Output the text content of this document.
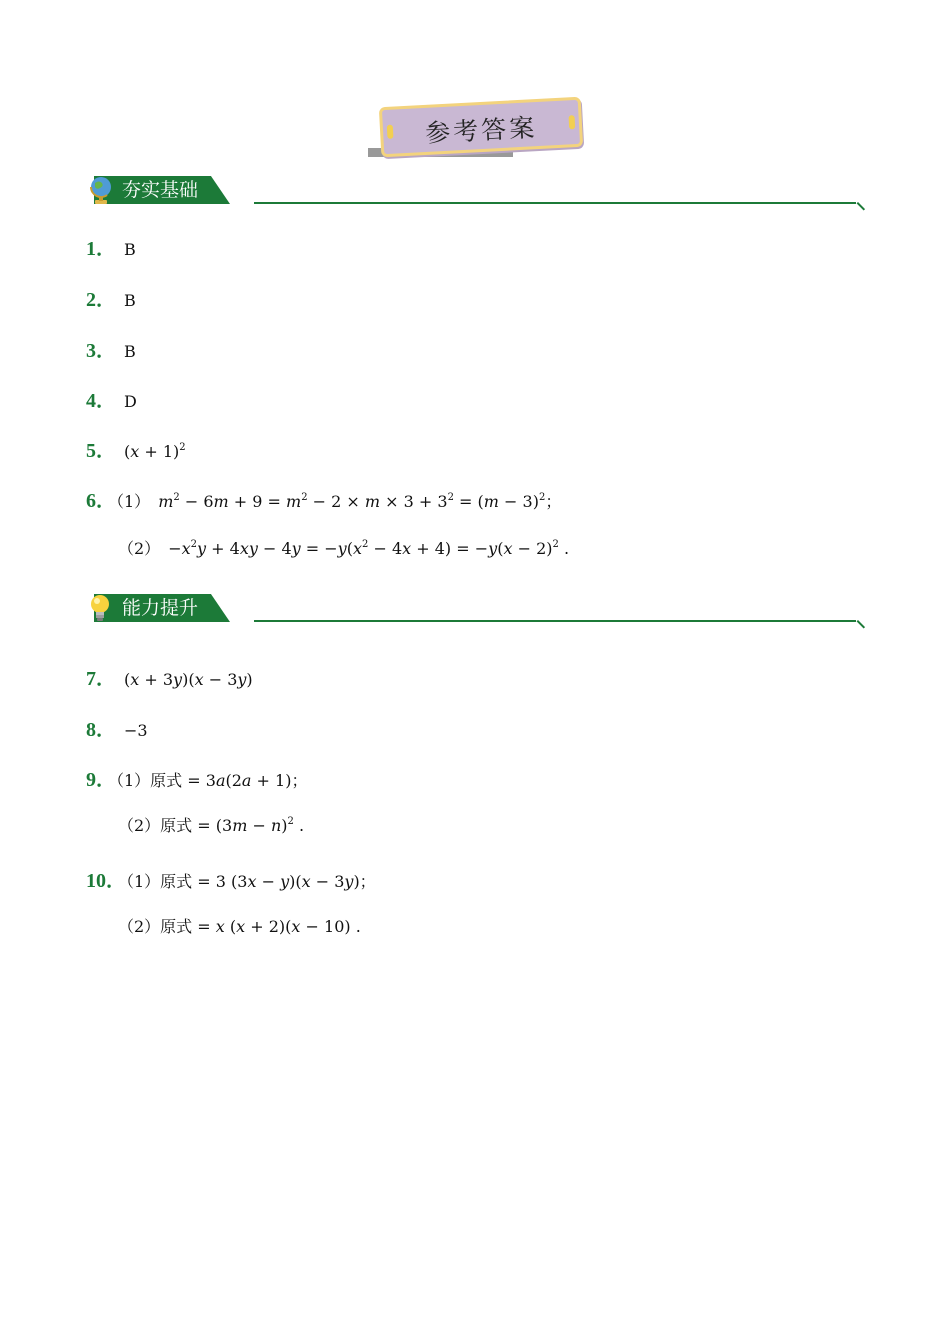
参考答案
夯实基础
1． B
2． B
3． B
4． D
5． $(x + 1)^2$
6．（1） $m^2 - 6m + 9 = m^2 - 2 \times m \times 3 + 3^2 = (m - 3)^2$；
$(2) -x^2y + 4xy - 4y = -y(x^2 - 4x + 4) = -y(x - 2)^2$ .
能力提升
7． (x + 3y)(x − 3y)
8． −3
9．（1）原式 = 3a(2a + 1)；
（2）原式 = $(3m - n)^2$ .
10．（1）原式 = 3 (3x − y)(x − 3y)；
（2）原式 = x (x + 2)(x − 10) .
